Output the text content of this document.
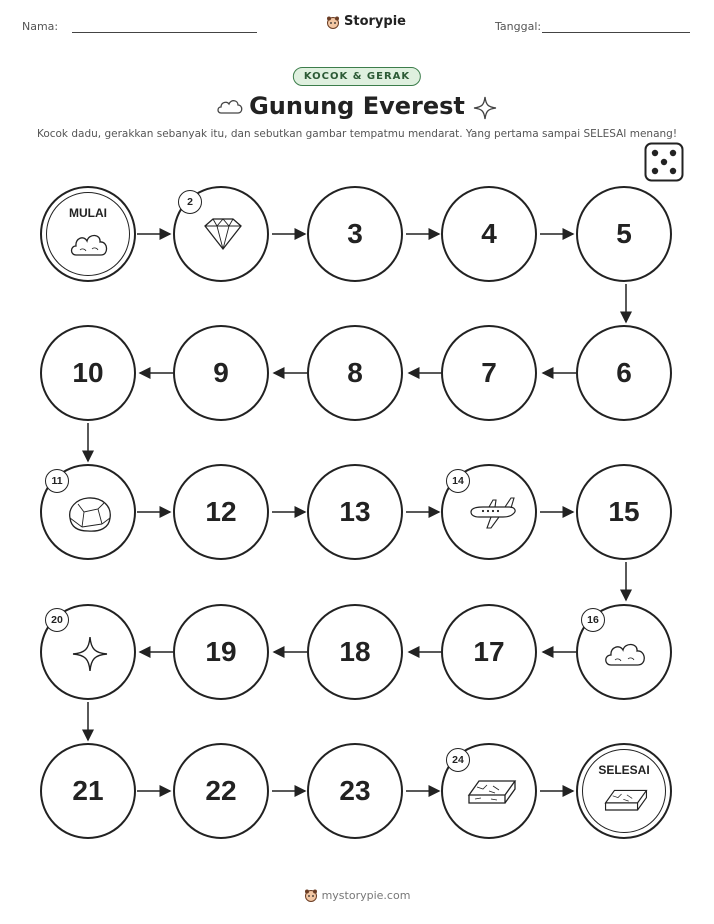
Nama:	Storypie	Tanggal:
KOCOK & GERAK
Gunung Everest
Kocok dadu, gerakkan sebanyak itu, dan sebutkan gambar tempatmu mendarat. Yang pertama sampai SELESAI menang!
MULAI
2
3	4	5
6
7
8
9
10
11
12	13
14
15
16
17
18
19
20
21	22	23
24
SELESAI
mystorypie.com
